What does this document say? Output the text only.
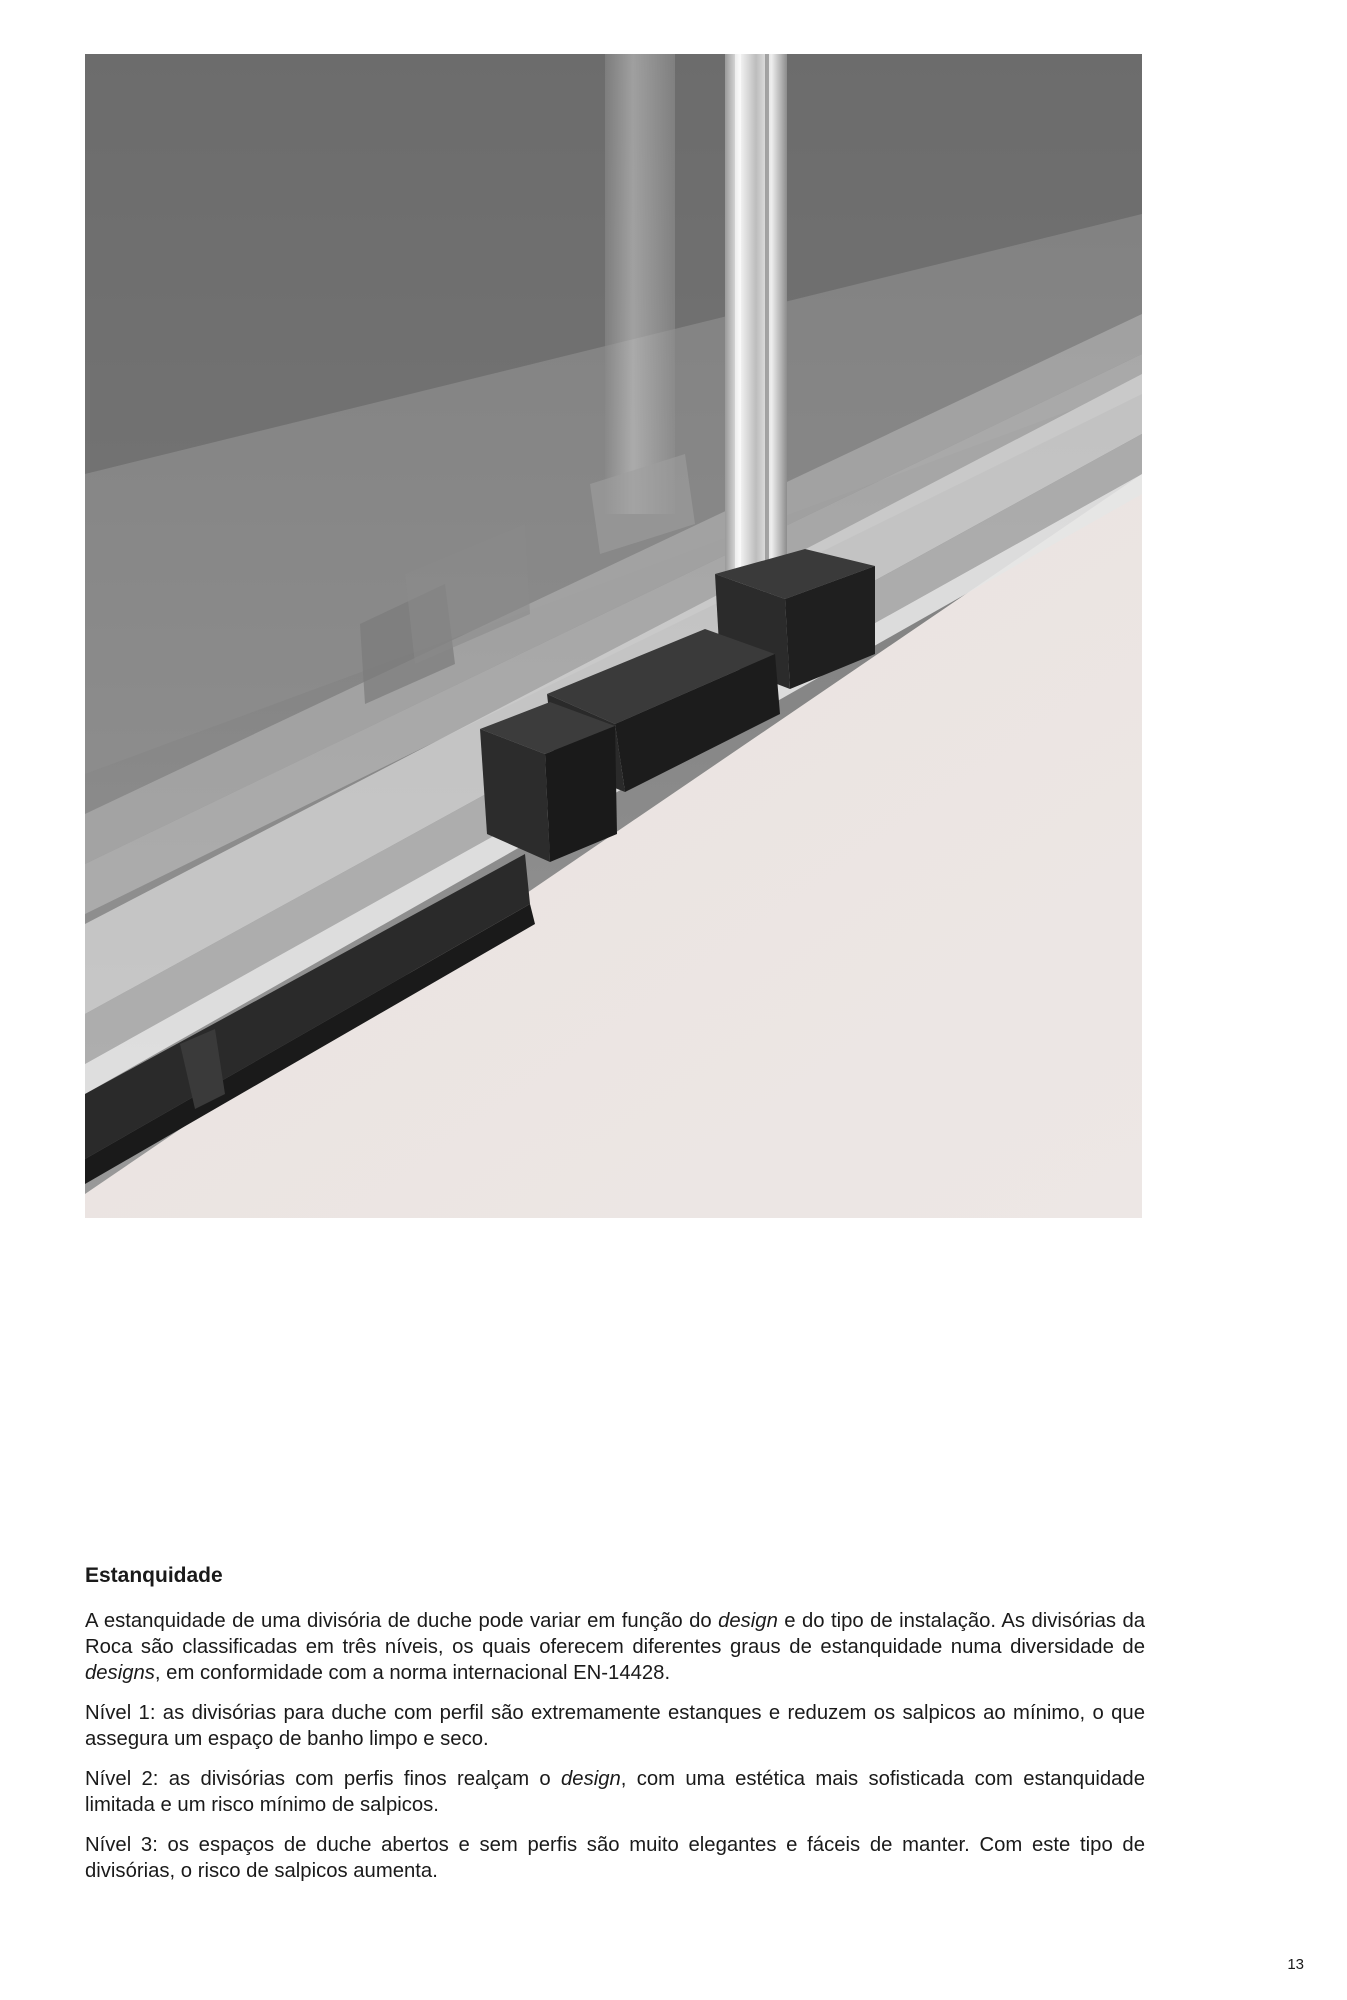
Estanquidade

A estanquidade de uma divisória de duche pode variar em função do design e do tipo de instalação. As divisórias da Roca são classificadas em três níveis, os quais oferecem diferentes graus de estanquidade numa diversidade de designs, em conformidade com a norma internacional EN-14428.

Nível 1: as divisórias para duche com perfil são extremamente estanques e reduzem os salpicos ao mínimo, o que assegura um espaço de banho limpo e seco.

Nível 2: as divisórias com perfis finos realçam o design, com uma estética mais sofisticada com estanquidade limitada e um risco mínimo de salpicos.

Nível 3: os espaços de duche abertos e sem perfis são muito elegantes e fáceis de manter. Com este tipo de divisórias, o risco de salpicos aumenta.

13
